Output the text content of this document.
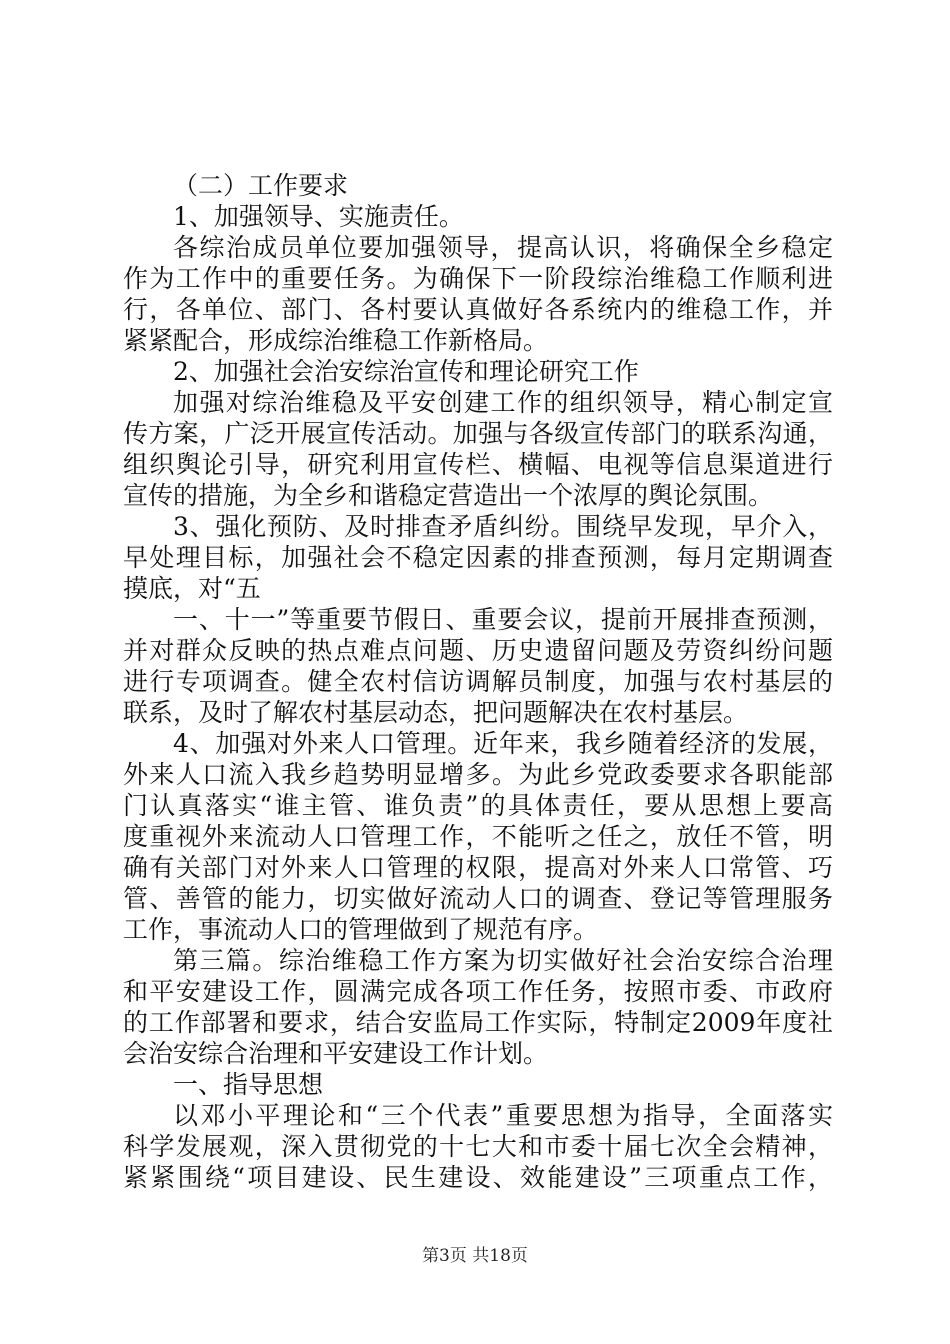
（二）工作要求
1、加强领导、实施责任。
各综治成员单位要加强领导，提高认识，将确保全乡稳定
作为工作中的重要任务。为确保下一阶段综治维稳工作顺利进
行，各单位、部门、各村要认真做好各系统内的维稳工作，并
紧紧配合，形成综治维稳工作新格局。
2、加强社会治安综治宣传和理论研究工作
加强对综治维稳及平安创建工作的组织领导，精心制定宣
传方案，广泛开展宣传活动。加强与各级宣传部门的联系沟通，
组织舆论引导，研究利用宣传栏、横幅、电视等信息渠道进行
宣传的措施，为全乡和谐稳定营造出一个浓厚的舆论氛围。
3、强化预防、及时排查矛盾纠纷。围绕早发现，早介入，
早处理目标，加强社会不稳定因素的排查预测，每月定期调查
摸底，对“五
一、十一”等重要节假日、重要会议，提前开展排查预测，
并对群众反映的热点难点问题、历史遗留问题及劳资纠纷问题
进行专项调查。健全农村信访调解员制度，加强与农村基层的
联系，及时了解农村基层动态，把问题解决在农村基层。
4、加强对外来人口管理。近年来，我乡随着经济的发展，
外来人口流入我乡趋势明显增多。为此乡党政委要求各职能部
门认真落实“谁主管、谁负责”的具体责任，要从思想上要高
度重视外来流动人口管理工作，不能听之任之，放任不管，明
确有关部门对外来人口管理的权限，提高对外来人口常管、巧
管、善管的能力，切实做好流动人口的调查、登记等管理服务
工作，事流动人口的管理做到了规范有序。
第三篇。综治维稳工作方案为切实做好社会治安综合治理
和平安建设工作，圆满完成各项工作任务，按照市委、市政府
的工作部署和要求，结合安监局工作实际，特制定2009年度社
会治安综合治理和平安建设工作计划。
一、指导思想
以邓小平理论和“三个代表”重要思想为指导，全面落实
科学发展观，深入贯彻党的十七大和市委十届七次全会精神，
紧紧围绕“项目建设、民生建设、效能建设”三项重点工作，
第3页 共18页
